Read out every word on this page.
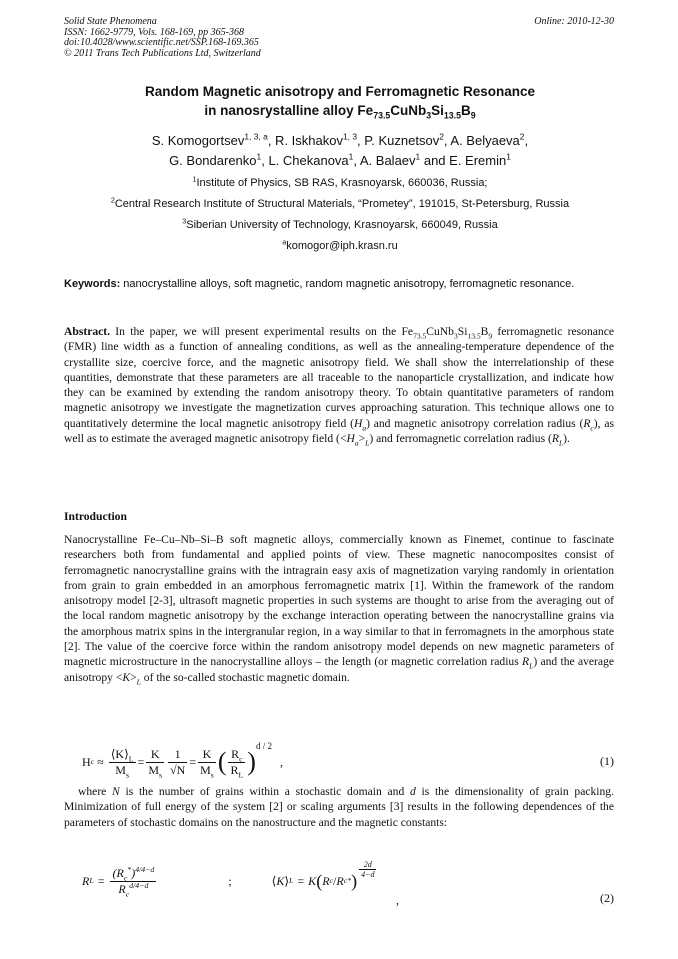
Solid State Phenomena
ISSN: 1662-9779, Vols. 168-169, pp 365-368
doi:10.4028/www.scientific.net/SSP.168-169.365
© 2011 Trans Tech Publications Ltd, Switzerland
Online: 2010-12-30
Random Magnetic anisotropy and Ferromagnetic Resonance
in nanosrystalline alloy $Fe_{73.5}CuNb_3Si_{13.5}B_9$
S. Komogortsev$^{1, 3, a}$, R. Iskhakov$^{1, 3}$, P. Kuznetsov$^2$, A. Belyaeva$^2$,
G. Bondarenko$^1$, L. Chekanova$^1$, A. Balaev$^1$ and E. Eremin$^1$
$^1$Institute of Physics, SB RAS, Krasnoyarsk, 660036, Russia;
$^2$Central Research Institute of Structural Materials, “Prometey”, 191015, St-Petersburg, Russia
$^3$Siberian University of Technology, Krasnoyarsk, 660049, Russia
$^a$komogor@iph.krasn.ru
Keywords: nanocrystalline alloys, soft magnetic, random magnetic anisotropy, ferromagnetic resonance.
Abstract. In the paper, we will present experimental results on the $Fe_{73.5}CuNb_3Si_{13.5}B_9$ ferromagnetic resonance (FMR) line width as a function of annealing conditions, as well as the annealing-temperature dependence of the crystallite size, coercive force, and the magnetic anisotropy field. We shall show the interrelationship of these quantities, demonstrate that these parameters are all traceable to the nanoparticle crystallization, and indicate how they can be examined by extending the random anisotropy theory. To obtain quantitative parameters of random magnetic anisotropy we investigate the magnetization curves approaching saturation. This technique allows one to quantitatively determine the local magnetic anisotropy field $(H_a)$ and magnetic anisotropy correlation radius $(R_c)$, as well as to estimate the averaged magnetic anisotropy field $(<H_a>_L)$ and ferromagnetic correlation radius $(R_L)$.
Introduction
Nanocrystalline Fe–Cu–Nb–Si–B soft magnetic alloys, commercially known as Finemet, continue to fascinate researchers both from fundamental and applied points of view. These magnetic nanocomposites consist of ferromagnetic nanocrystalline grains with the intragrain easy axis of magnetization varying randomly in orientation from grain to grain embedded in an amorphous ferromagnetic matrix [1]. Within the framework of the random anisotropy model [2-3], ultrasoft magnetic properties in such systems are thought to arise from the averaging out of the local random magnetic anisotropy by the exchange interaction operating between the nanocrystalline grains via the amorphous matrix spins in the intergranular region, in a way similar to that in ferromagnets in the amorphous state [2]. The value of the coercive force within the random anisotropy model depends on new magnetic parameters of magnetic microstructure in the nanocrystalline alloys – the length (or magnetic correlation radius $R_L$) and the average anisotropy $<K>_L$ of the so-called stochastic magnetic domain.
H $c \approx \frac{⟨K⟩_L}{M_s} = \frac{K}{M_s} \frac{1}{√N} = \frac{K}{M_s}$ ( $\frac{R_c}{R_L}$ )
d / 2
,	(1)
where N is the number of grains within a stochastic domain and d is the dimensionality of grain packing. Minimization of full energy of the system [2] or scaling arguments [3] results in the following dependences of the parameters of stochastic domains on the nanostructure and the magnetic constants:
R $L = \frac{(R_c^*)^{4/4-d}}{R_c^{d/4-d}}$	;	⟨ K ⟩ L = K ( R c / R c * )
$\frac{2d}{4-d}$
,	(2)
